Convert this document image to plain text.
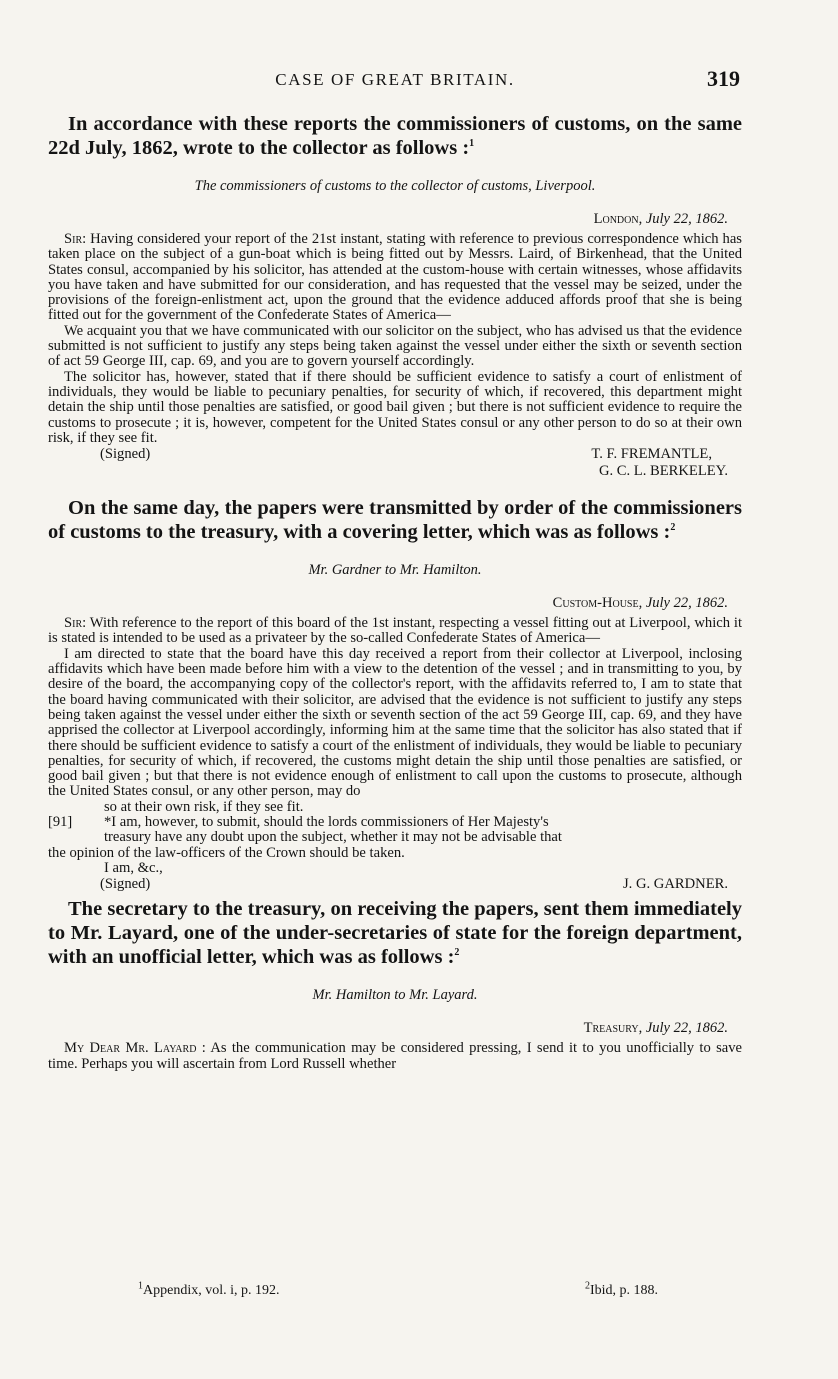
CASE OF GREAT BRITAIN.	319

In accordance with these reports the commissioners of customs, on the same 22d July, 1862, wrote to the collector as follows :$^1$

The commissioners of customs to the collector of customs, Liverpool.
London, July 22, 1862.

Sir: Having considered your report of the 21st instant, stating with reference to previous correspondence which has taken place on the subject of a gun-boat which is being fitted out by Messrs. Laird, of Birkenhead, that the United States consul, accompanied by his solicitor, has attended at the custom-house with certain witnesses, whose affidavits you have taken and have submitted for our consideration, and has requested that the vessel may be seized, under the provisions of the foreign-enlistment act, upon the ground that the evidence adduced affords proof that she is being fitted out for the government of the Confederate States of America—

We acquaint you that we have communicated with our solicitor on the subject, who has advised us that the evidence submitted is not sufficient to justify any steps being taken against the vessel under either the sixth or seventh section of act 59 George III, cap. 69, and you are to govern yourself accordingly.

The solicitor has, however, stated that if there should be sufficient evidence to satisfy a court of enlistment of individuals, they would be liable to pecuniary penalties, for security of which, if recovered, this department might detain the ship until those penalties are satisfied, or good bail given ; but there is not sufficient evidence to require the customs to prosecute ; it is, however, competent for the United States consul or any other person to do so at their own risk, if they see fit.

(Signed)	T. F. FREMANTLE,
G. C. L. BERKELEY.

On the same day, the papers were transmitted by order of the commissioners of customs to the treasury, with a covering letter, which was as follows :$^2$

Mr. Gardner to Mr. Hamilton.
Custom-House, July 22, 1862.

Sir: With reference to the report of this board of the 1st instant, respecting a vessel fitting out at Liverpool, which it is stated is intended to be used as a privateer by the so-called Confederate States of America—

I am directed to state that the board have this day received a report from their collector at Liverpool, inclosing affidavits which have been made before him with a view to the detention of the vessel ; and in transmitting to you, by desire of the board, the accompanying copy of the collector's report, with the affidavits referred to, I am to state that the board having communicated with their solicitor, are advised that the evidence is not sufficient to justify any steps being taken against the vessel under either the sixth or seventh section of the act 59 George III, cap. 69, and they have apprised the collector at Liverpool accordingly, informing him at the same time that the solicitor has also stated that if there should be sufficient evidence to satisfy a court of the enlistment of individuals, they would be liable to pecuniary penalties, for security of which, if recovered, the customs might detain the ship until those penalties are satisfied, or good bail given ; but that there is not evidence enough of enlistment to call upon the customs to prosecute, although the United States consul, or any other person, may do

so at their own risk, if they see fit.

[91] *I am, however, to submit, should the lords commissioners of Her Majesty's

treasury have any doubt upon the subject, whether it may not be advisable that

the opinion of the law-officers of the Crown should be taken.

I am, &c.,

(Signed)	J. G. GARDNER.

The secretary to the treasury, on receiving the papers, sent them immediately to Mr. Layard, one of the under-secretaries of state for the foreign department, with an unofficial letter, which was as follows :$^2$

Mr. Hamilton to Mr. Layard.
Treasury, July 22, 1862.

My Dear Mr. Layard : As the communication may be considered pressing, I send it to you unofficially to save time. Perhaps you will ascertain from Lord Russell whether

$^1$Appendix, vol. i, p. 192.	$^2$Ibid, p. 188.
